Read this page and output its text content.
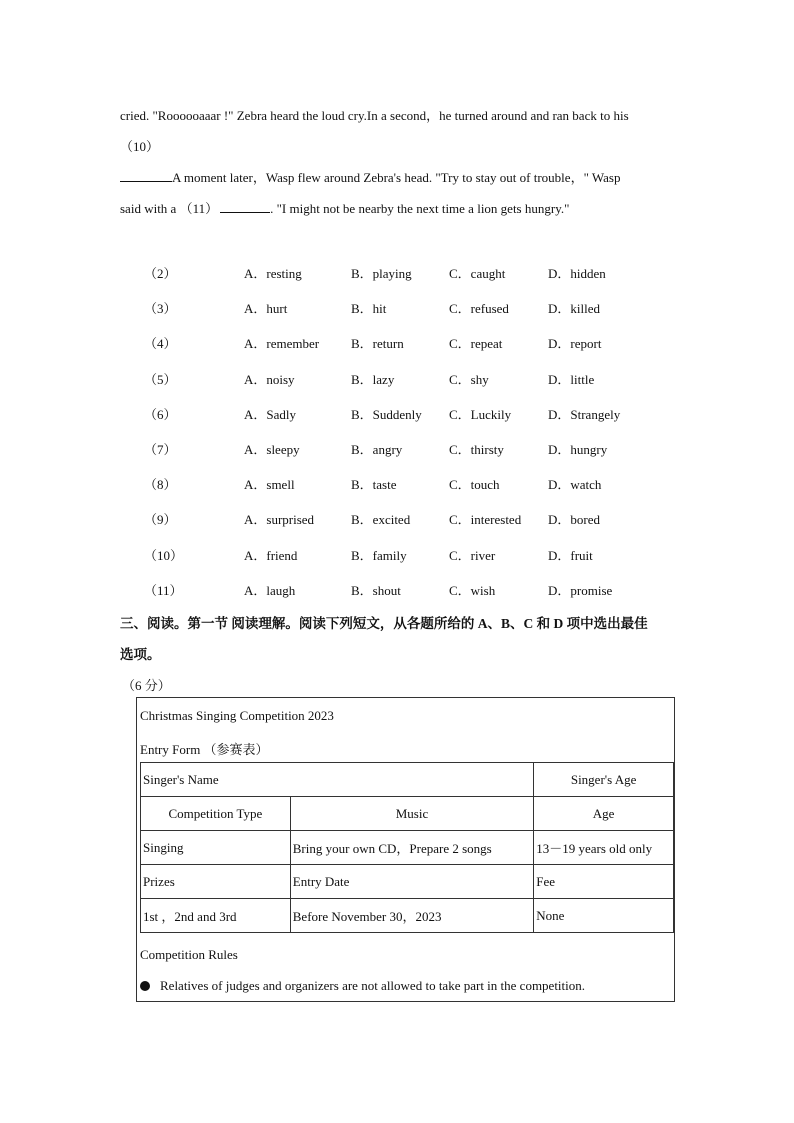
cried. "Roooooaaar !" Zebra heard the loud cry.In a second，he turned around and ran back to his
（10）
A moment later，Wasp flew around Zebra's head. "Try to stay out of trouble，" Wasp
said with a （11）	. "I might not be nearby the next time a lion gets hungry."
（2）	A．resting	B．playing	C．caught	D．hidden
（3）	A．hurt	B．hit	C．refused	D．killed
（4）	A．remember B．return	C．repeat	D．report
（5）	A．noisy	B．lazy	C．shy	D．little
（6）	A．Sadly	B．Suddenly C．Luckily	D．Strangely
（7）	A．sleepy	B．angry	C．thirsty	D．hungry
（8）	A．smell	B．taste	C．touch	D．watch
（9）	A．surprised	B．excited	C．interested D．bored
（10）	A．friend	B．family	C．river	D．fruit
（11）	A．laugh	B．shout	C．wish	D．promise
三、阅读。第一节 阅读理解。阅读下列短文，从各题所给的 A、B、C 和 D 项中选出最佳
选项。
（6 分）
Christmas Singing Competition 2023
Entry Form （参赛表）
Singer's Name		Singer's Age
Competition Type	Music	Age
Singing	Bring your own CD，Prepare 2 songs	13－19 years old only
Prizes	Entry Date	Fee
1st ，2nd and 3rd	Before November 30，2023	None
Competition Rules
Relatives of judges and organizers are not allowed to take part in the competition.
